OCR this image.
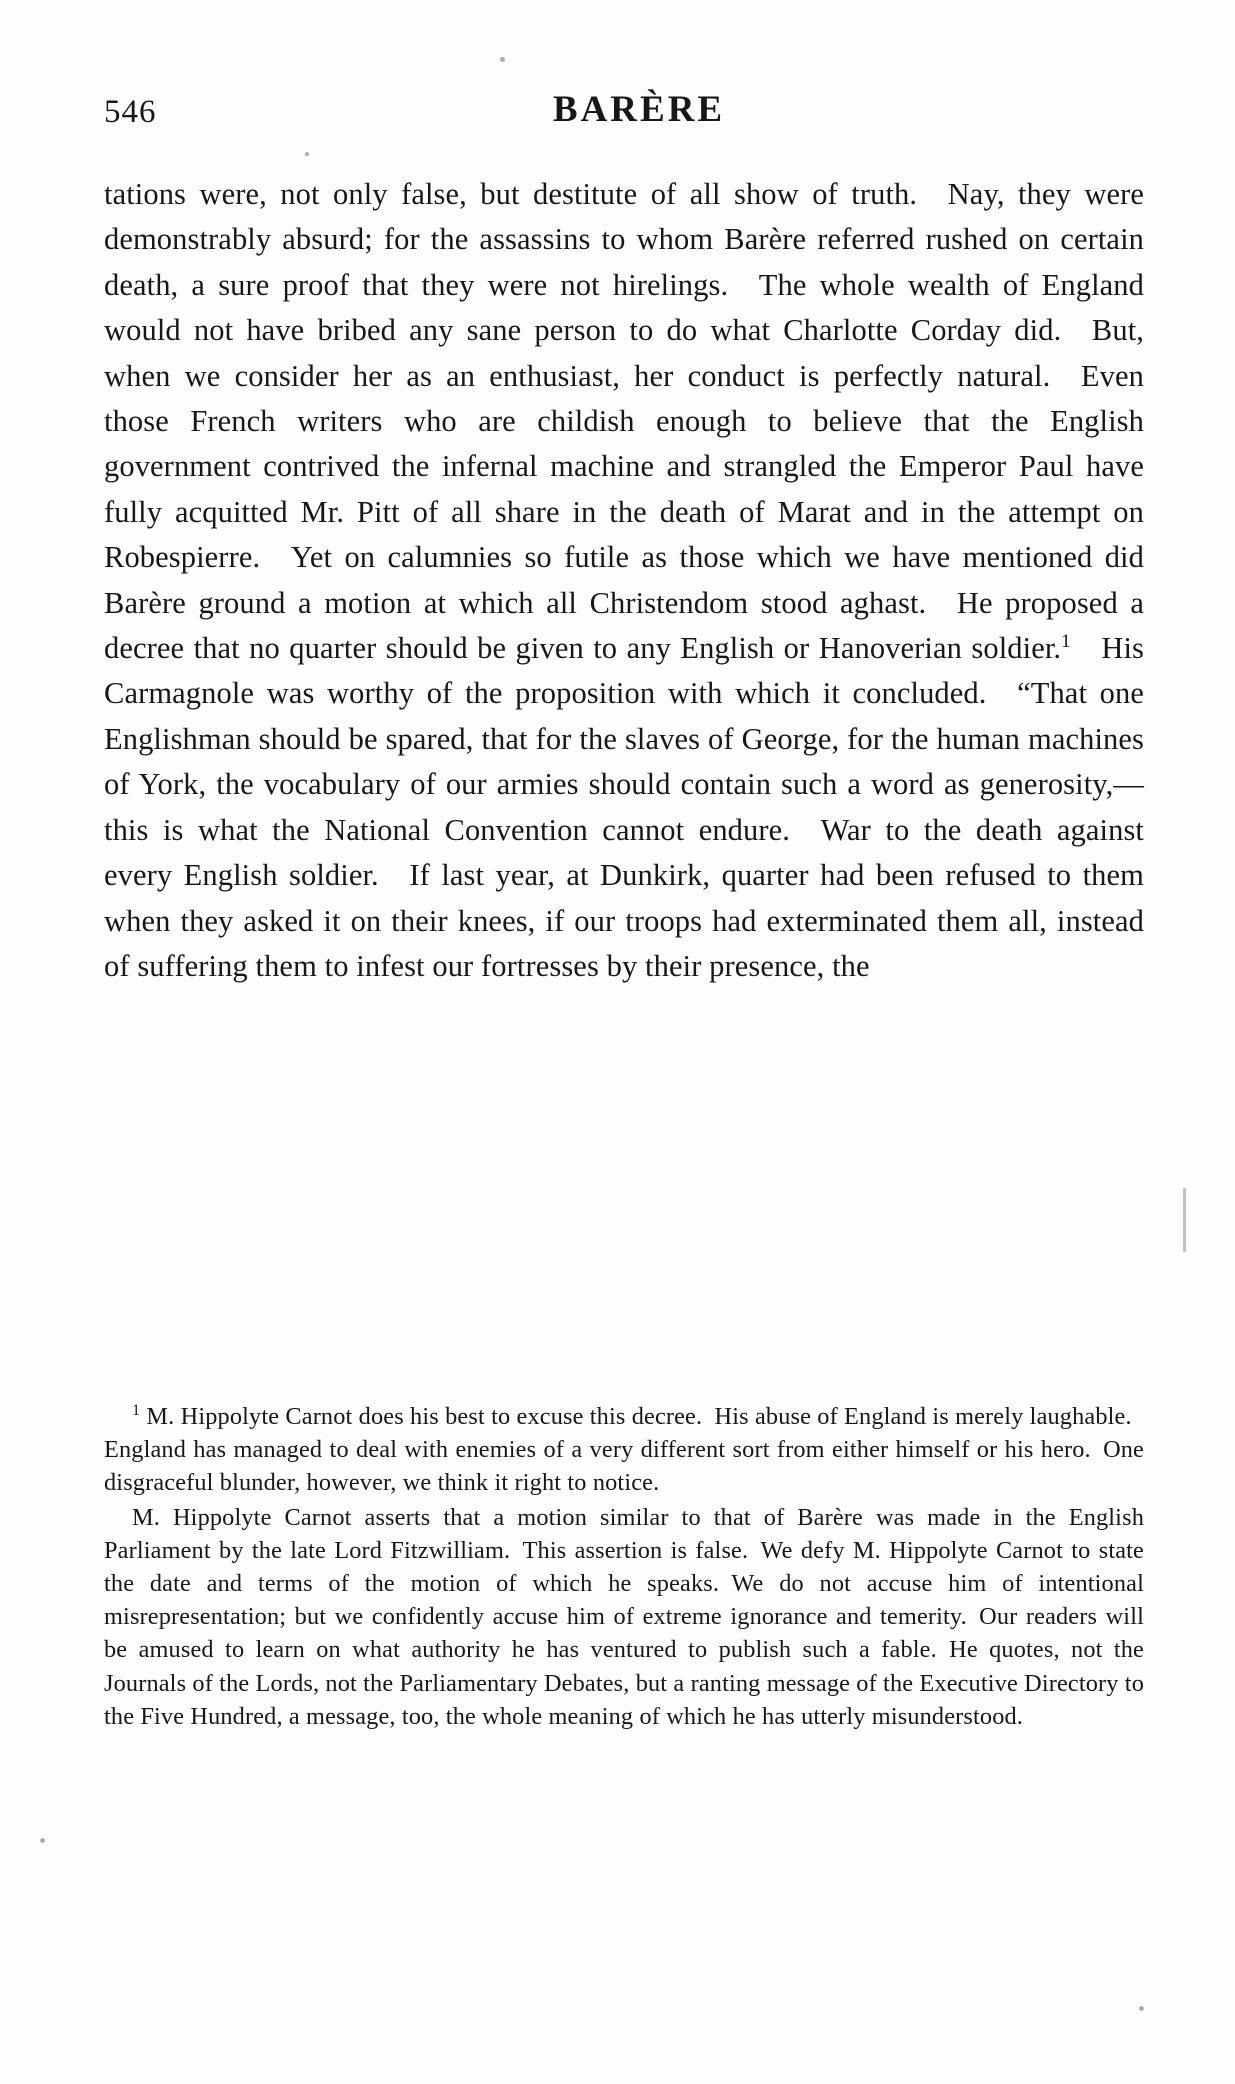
546	BARÈRE

tations were, not only false, but destitute of all show of truth. Nay, they were demonstrably absurd; for the assassins to whom Barère referred rushed on certain death, a sure proof that they were not hirelings. The whole wealth of England would not have bribed any sane person to do what Charlotte Corday did. But, when we consider her as an enthusiast, her conduct is perfectly natural. Even those French writers who are childish enough to believe that the English government contrived the infernal machine and strangled the Emperor Paul have fully acquitted Mr. Pitt of all share in the death of Marat and in the attempt on Robespierre. Yet on calumnies so futile as those which we have mentioned did Barère ground a motion at which all Christendom stood aghast. He proposed a decree that no quarter should be given to any English or Hanoverian soldier.$^1$ His Carmagnole was worthy of the proposition with which it concluded. “That one Englishman should be spared, that for the slaves of George, for the human machines of York, the vocabulary of our armies should contain such a word as generosity,— this is what the National Convention cannot endure. War to the death against every English soldier. If last year, at Dunkirk, quarter had been refused to them when they asked it on their knees, if our troops had exterminated them all, instead of suffering them to infest our fortresses by their presence, the

$^1$ M. Hippolyte Carnot does his best to excuse this decree. His abuse of England is merely laughable. England has managed to deal with enemies of a very different sort from either himself or his hero. One disgraceful blunder, however, we think it right to notice.

M. Hippolyte Carnot asserts that a motion similar to that of Barère was made in the English Parliament by the late Lord Fitzwilliam. This assertion is false. We defy M. Hippolyte Carnot to state the date and terms of the motion of which he speaks. We do not accuse him of intentional misrepresentation; but we confidently accuse him of extreme ignorance and temerity. Our readers will be amused to learn on what authority he has ventured to publish such a fable. He quotes, not the Journals of the Lords, not the Parliamentary Debates, but a ranting message of the Executive Directory to the Five Hundred, a message, too, the whole meaning of which he has utterly misunderstood.
